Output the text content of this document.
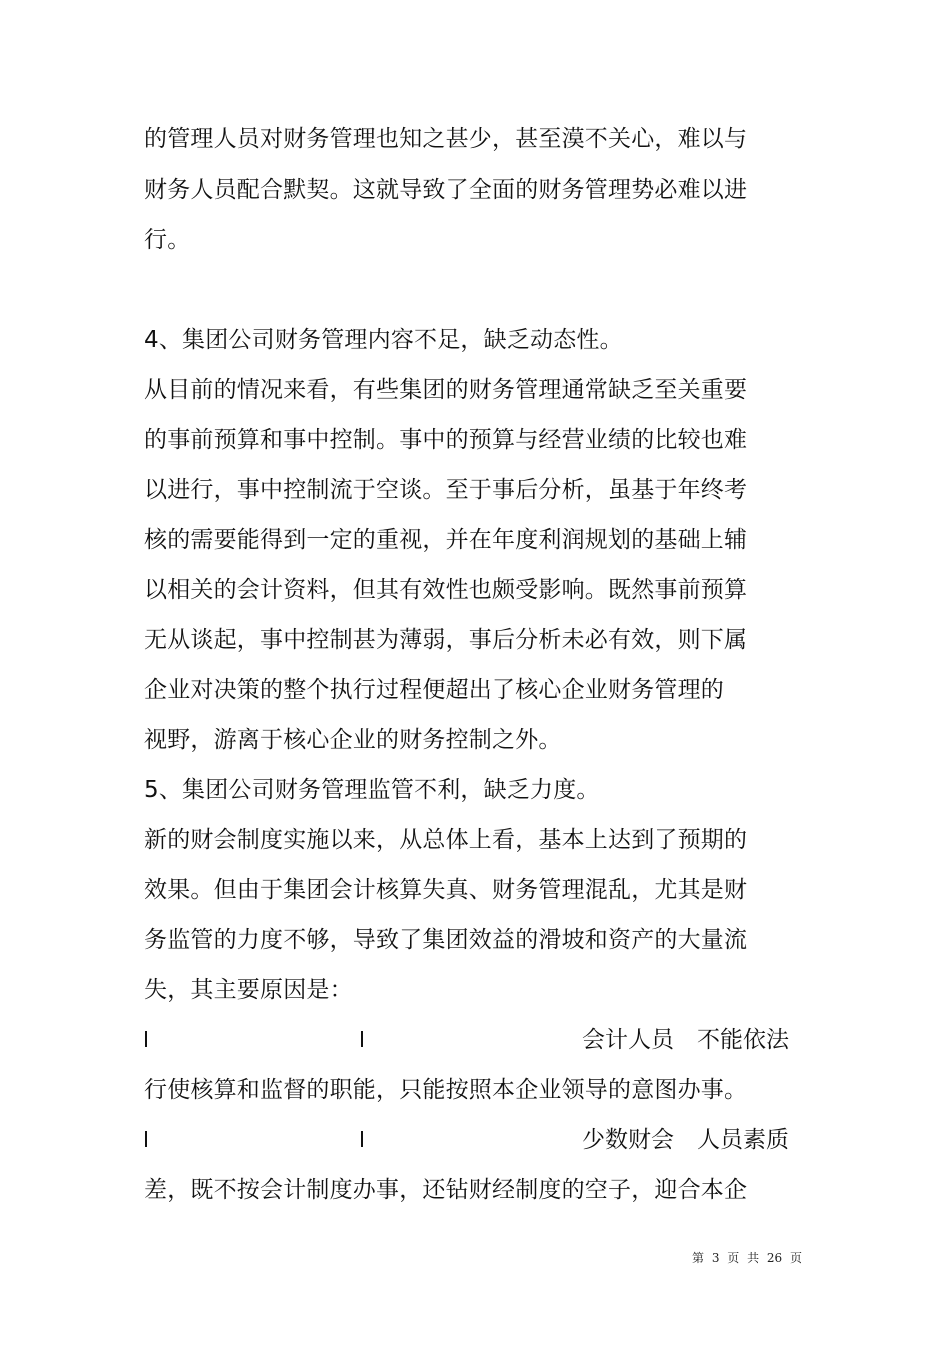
的管理人员对财务管理也知之甚少，甚至漠不关心，难以与
财务人员配合默契。这就导致了全面的财务管理势必难以进
行。
4、集团公司财务管理内容不足，缺乏动态性。
从目前的情况来看，有些集团的财务管理通常缺乏至关重要
的事前预算和事中控制。事中的预算与经营业绩的比较也难
以进行，事中控制流于空谈。至于事后分析，虽基于年终考
核的需要能得到一定的重视，并在年度利润规划的基础上辅
以相关的会计资料，但其有效性也颇受影响。既然事前预算
无从谈起，事中控制甚为薄弱，事后分析未必有效，则下属
企业对决策的整个执行过程便超出了核心企业财务管理的
视野，游离于核心企业的财务控制之外。
5、集团公司财务管理监管不利，缺乏力度。
新的财会制度实施以来，从总体上看，基本上达到了预期的
效果。但由于集团会计核算失真、财务管理混乱，尤其是财
务监管的力度不够，导致了集团效益的滑坡和资产的大量流
失，其主要原因是：
会计人员 不能依法
行使核算和监督的职能，只能按照本企业领导的意图办事。
少数财会 人员素质
差，既不按会计制度办事，还钻财经制度的空子，迎合本企
第 3 页 共 26 页
